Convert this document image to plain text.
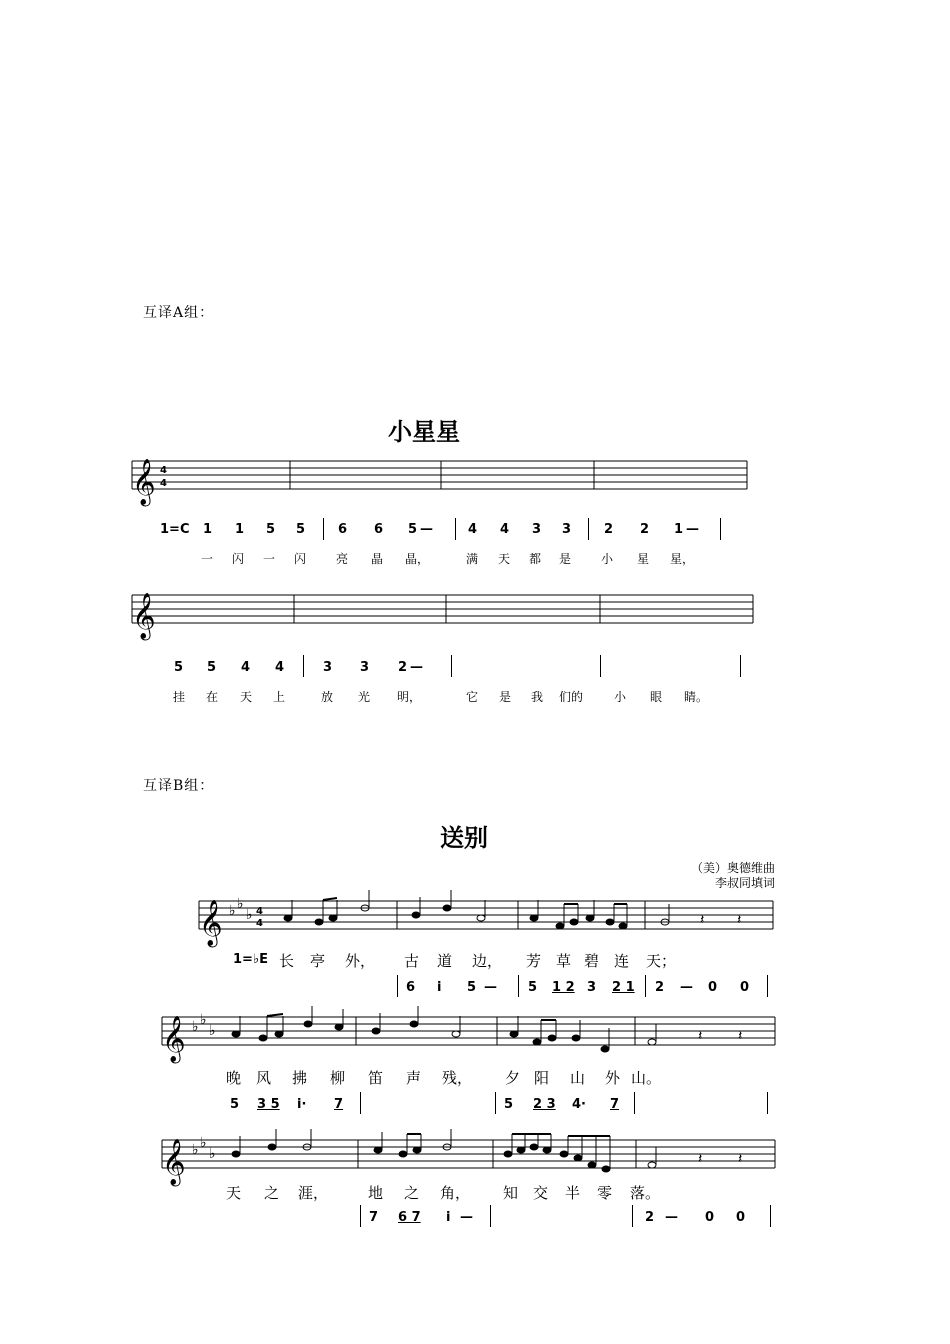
互译A组：
小星星
𝄞 4
4
1=C 1 1 5 5	6 6 5 —	4 4 3 3	2 2 1 —
一 闪 一 闪 亮 晶 晶，	满 天 都 是 小 星 星，
𝄞
5 5 4 4	3 3 2 —
挂 在 天 上	放 光 明，	它 是 我 们的	小 眼 睛。
互译B组：
送别
（美）奥德维曲
李叔同填词
𝄞 ♭ ♭
♭ 4
4	𝄽 𝄽
1=♭E 长 亭 外， 古 道 边， 芳 草 碧 连 天；
6 i 5 — 5 1 2 3 2 1 2 — 0 0
𝄞 ♭ ♭
♭	𝄽	𝄽
晚 风 拂 柳 笛 声 残， 夕 阳 山 外 山。
5 3 5 i· 7	5 2 3 4· 7
𝄞 ♭ ♭
♭	𝄽	𝄽
天 之 涯，	地 之 角， 知 交 半 零 落。
7 6 7 i —	2 — 0 0
